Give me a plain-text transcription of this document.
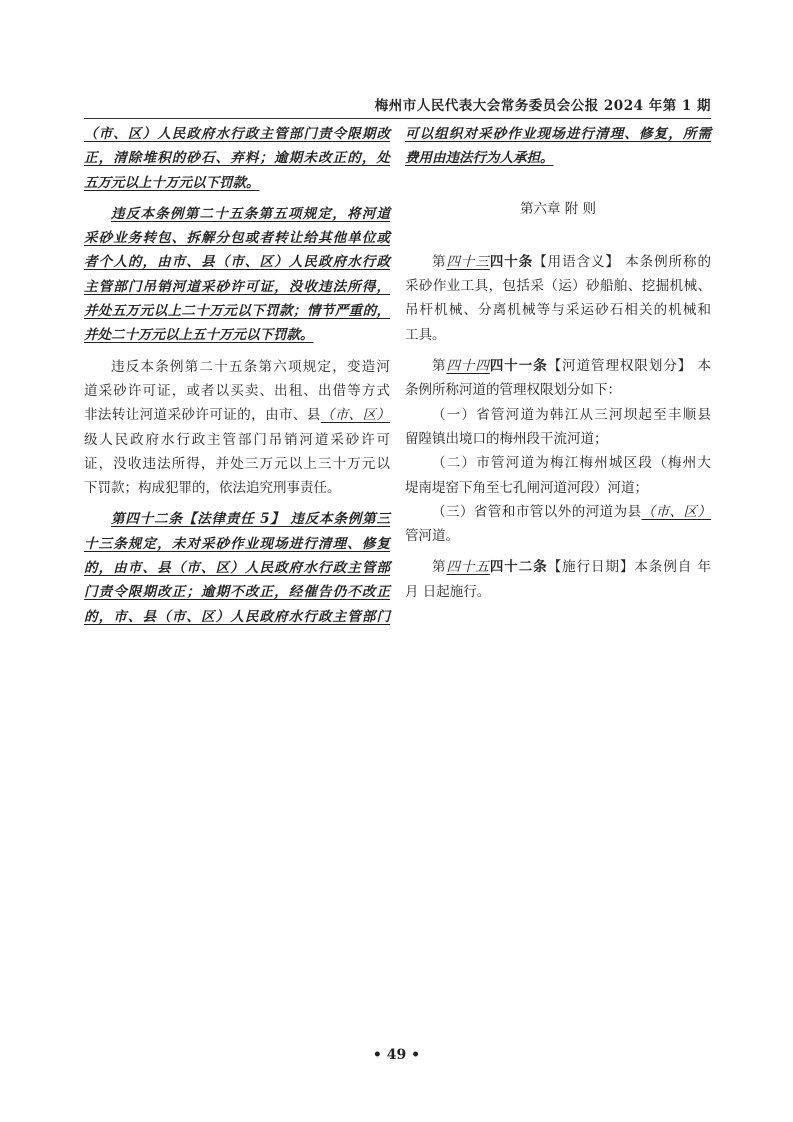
梅州市人民代表大会常务委员会公报 2024 年第 1 期

（市、区）人民政府水行政主管部门责令限期改
正，清除堆积的砂石、弃料；逾期未改正的，处
五万元以上十万元以下罚款。

违反本条例第二十五条第五项规定，将河道
采砂业务转包、拆解分包或者转让给其他单位或
者个人的，由市、县（市、区）人民政府水行政
主管部门吊销河道采砂许可证，没收违法所得，
并处五万元以上二十万元以下罚款；情节严重的，
并处二十万元以上五十万元以下罚款。

违反本条例第二十五条第六项规定，变造河
道采砂许可证，或者以买卖、出租、出借等方式
非法转让河道采砂许可证的，由市、县（市、区）
级人民政府水行政主管部门吊销河道采砂许可
证，没收违法所得，并处三万元以上三十万元以
下罚款；构成犯罪的，依法追究刑事责任。

第四十二条【法律责任 5】 违反本条例第三
十三条规定，未对采砂作业现场进行清理、修复
的，由市、县（市、区）人民政府水行政主管部
门责令限期改正；逾期不改正，经催告仍不改正
的，市、县（市、区）人民政府水行政主管部门

可以组织对采砂作业现场进行清理、修复，所需
费用由违法行为人承担。

第六章 附 则

第四十三四十条【用语含义】 本条例所称的
采砂作业工具，包括采（运）砂船舶、挖掘机械、
吊杆机械、分离机械等与采运砂石相关的机械和
工具。

第四十四四十一条【河道管理权限划分】 本
条例所称河道的管理权限划分如下：
（一）省管河道为韩江从三河坝起至丰顺县
留隍镇出境口的梅州段干流河道；
（二）市管河道为梅江梅州城区段（梅州大
堤南堤窑下角至七孔闸河道河段）河道；
（三）省管和市管以外的河道为县（市、区）
管河道。

第四十五四十二条【施行日期】本条例自 年
月 日起施行。

• 49 •
